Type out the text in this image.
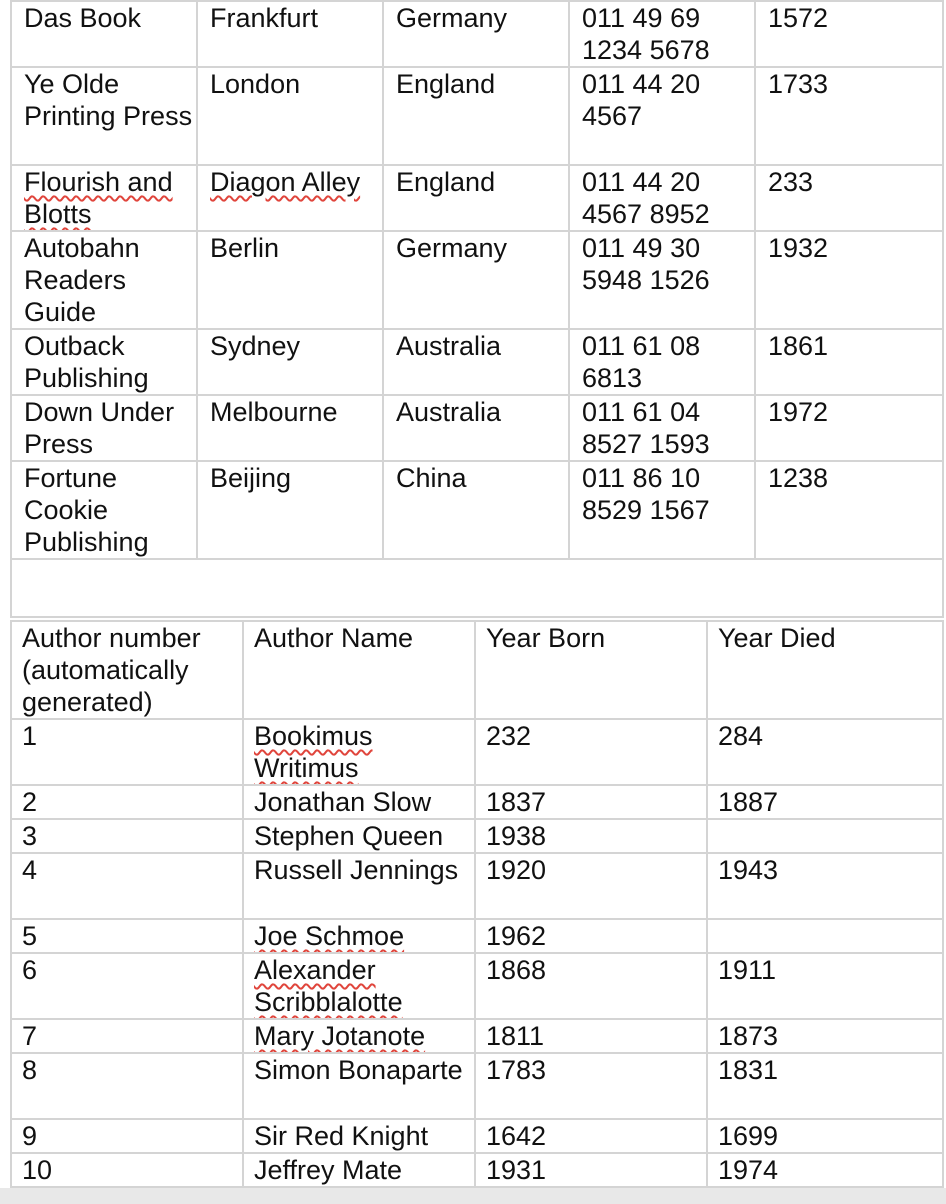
Das Book	Frankfurt	Germany	011 49 69 1234 5678	1572
Ye Olde Printing Press	London	England	011 44 20 4567	1733
Flourish and Blotts	Diagon Alley	England	011 44 20 4567 8952	233
Autobahn Readers Guide	Berlin	Germany	011 49 30 5948 1526	1932
Outback Publishing	Sydney	Australia	011 61 08 6813	1861
Down Under Press	Melbourne	Australia	011 61 04 8527 1593	1972
Fortune Cookie Publishing	Beijing	China	011 86 10 8529 1567	1238

Author number (automatically generated)	Author Name	Year Born	Year Died
1	Bookimus Writimus	232	284
2	Jonathan Slow	1837	1887
3	Stephen Queen	1938	
4	Russell Jennings	1920	1943
5	Joe Schmoe	1962	
6	Alexander Scribblalotte	1868	1911
7	Mary Jotanote	1811	1873
8	Simon Bonaparte	1783	1831
9	Sir Red Knight	1642	1699
10	Jeffrey Mate	1931	1974
